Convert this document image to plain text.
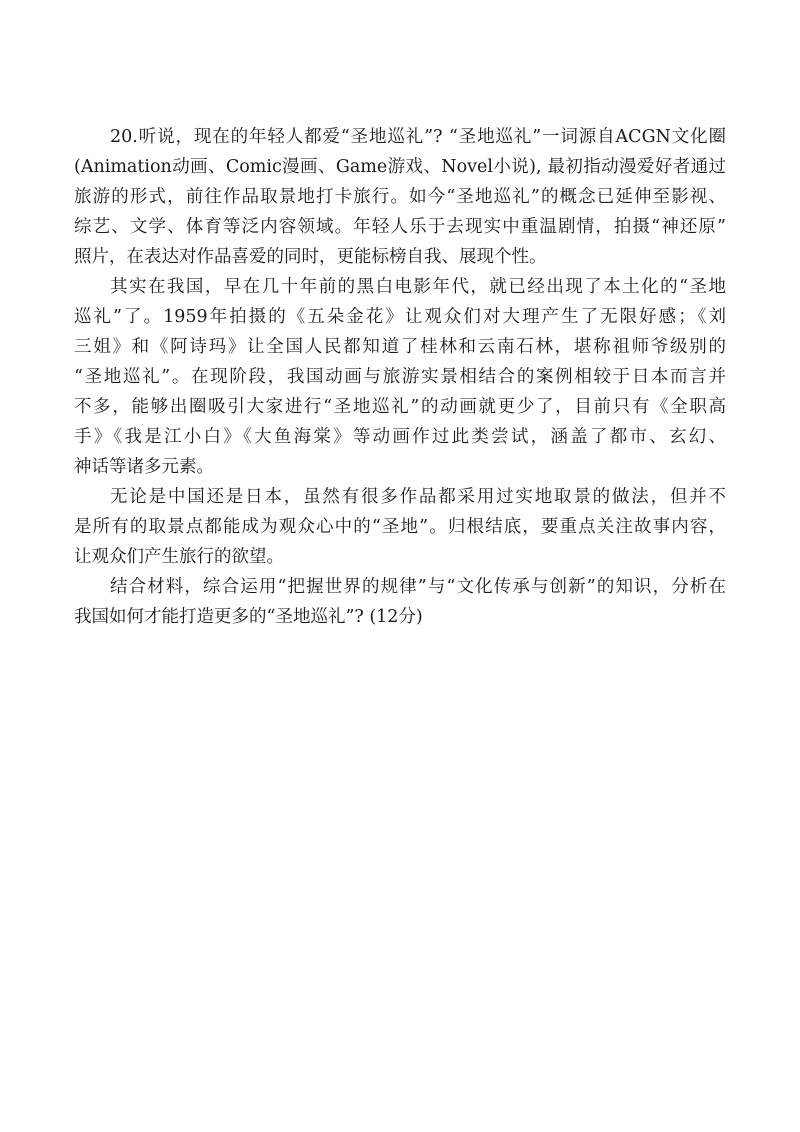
20.听说，现在的年轻人都爱“圣地巡礼”? “圣地巡礼”一词源自ACGN文化圈

(Animation动画、Comic漫画、Game游戏、Novel小说), 最初指动漫爱好者通过

旅游的形式，前往作品取景地打卡旅行。如今“圣地巡礼”的概念已延伸至影视、

综艺、文学、体育等泛内容领域。年轻人乐于去现实中重温剧情，拍摄“神还原”

照片，在表达对作品喜爱的同时，更能标榜自我、展现个性。

其实在我国，早在几十年前的黑白电影年代，就已经出现了本土化的“圣地

巡礼”了。1959年拍摄的《五朵金花》让观众们对大理产生了无限好感；《刘

三姐》和《阿诗玛》让全国人民都知道了桂林和云南石林，堪称祖师爷级别的

“圣地巡礼”。在现阶段，我国动画与旅游实景相结合的案例相较于日本而言并

不多，能够出圈吸引大家进行“圣地巡礼”的动画就更少了，目前只有《全职高

手》《我是江小白》《大鱼海棠》等动画作过此类尝试，涵盖了都市、玄幻、

神话等诸多元素。

无论是中国还是日本，虽然有很多作品都采用过实地取景的做法，但并不

是所有的取景点都能成为观众心中的“圣地”。归根结底，要重点关注故事内容，

让观众们产生旅行的欲望。

结合材料，综合运用“把握世界的规律”与“文化传承与创新”的知识，分析在

我国如何才能打造更多的“圣地巡礼”? (12分)
